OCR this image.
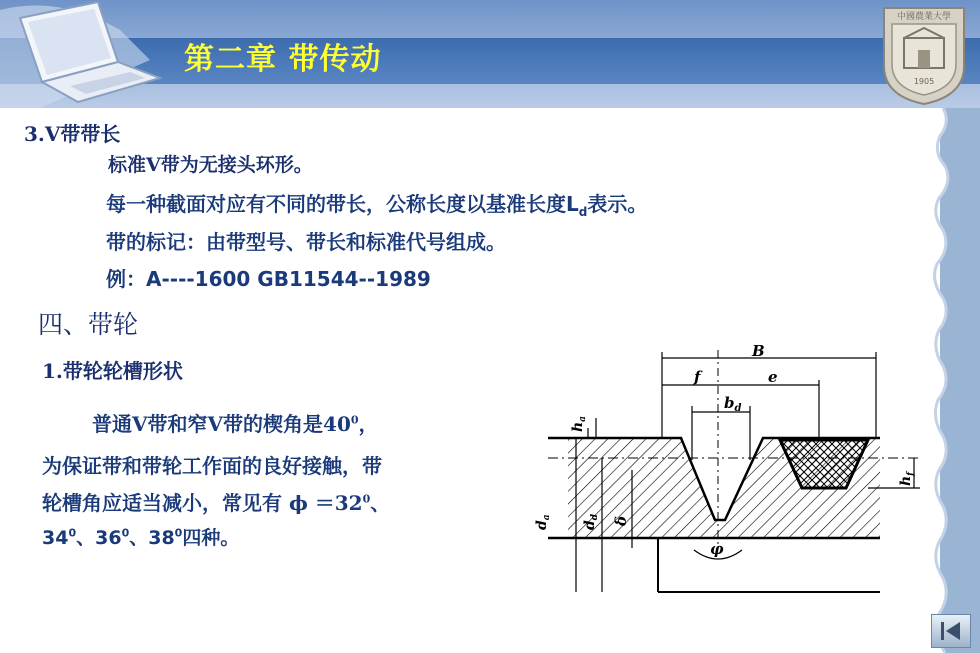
第二章 带传动
中國農業大學
1905
3.V带带长
标准V带为无接头环形。
每一种截面对应有不同的带长，公称长度以基准长度$L_d$表示。
带的标记：由带型号、带长和标准代号组成。
例：A----1600 GB11544--1989
四、带轮
1.带轮轮槽形状
普通V带和窄V带的楔角是$40^0$，
为保证带和带轮工作面的良好接触，带
轮槽角应适当减小，常见有 $\phi =32^0$、
$34^0$、$36^0$、$38^0$四种。
B
f	e
$b_d$
$h_a$
$h_f$
δ
$d_a$
$d_d$
φ
